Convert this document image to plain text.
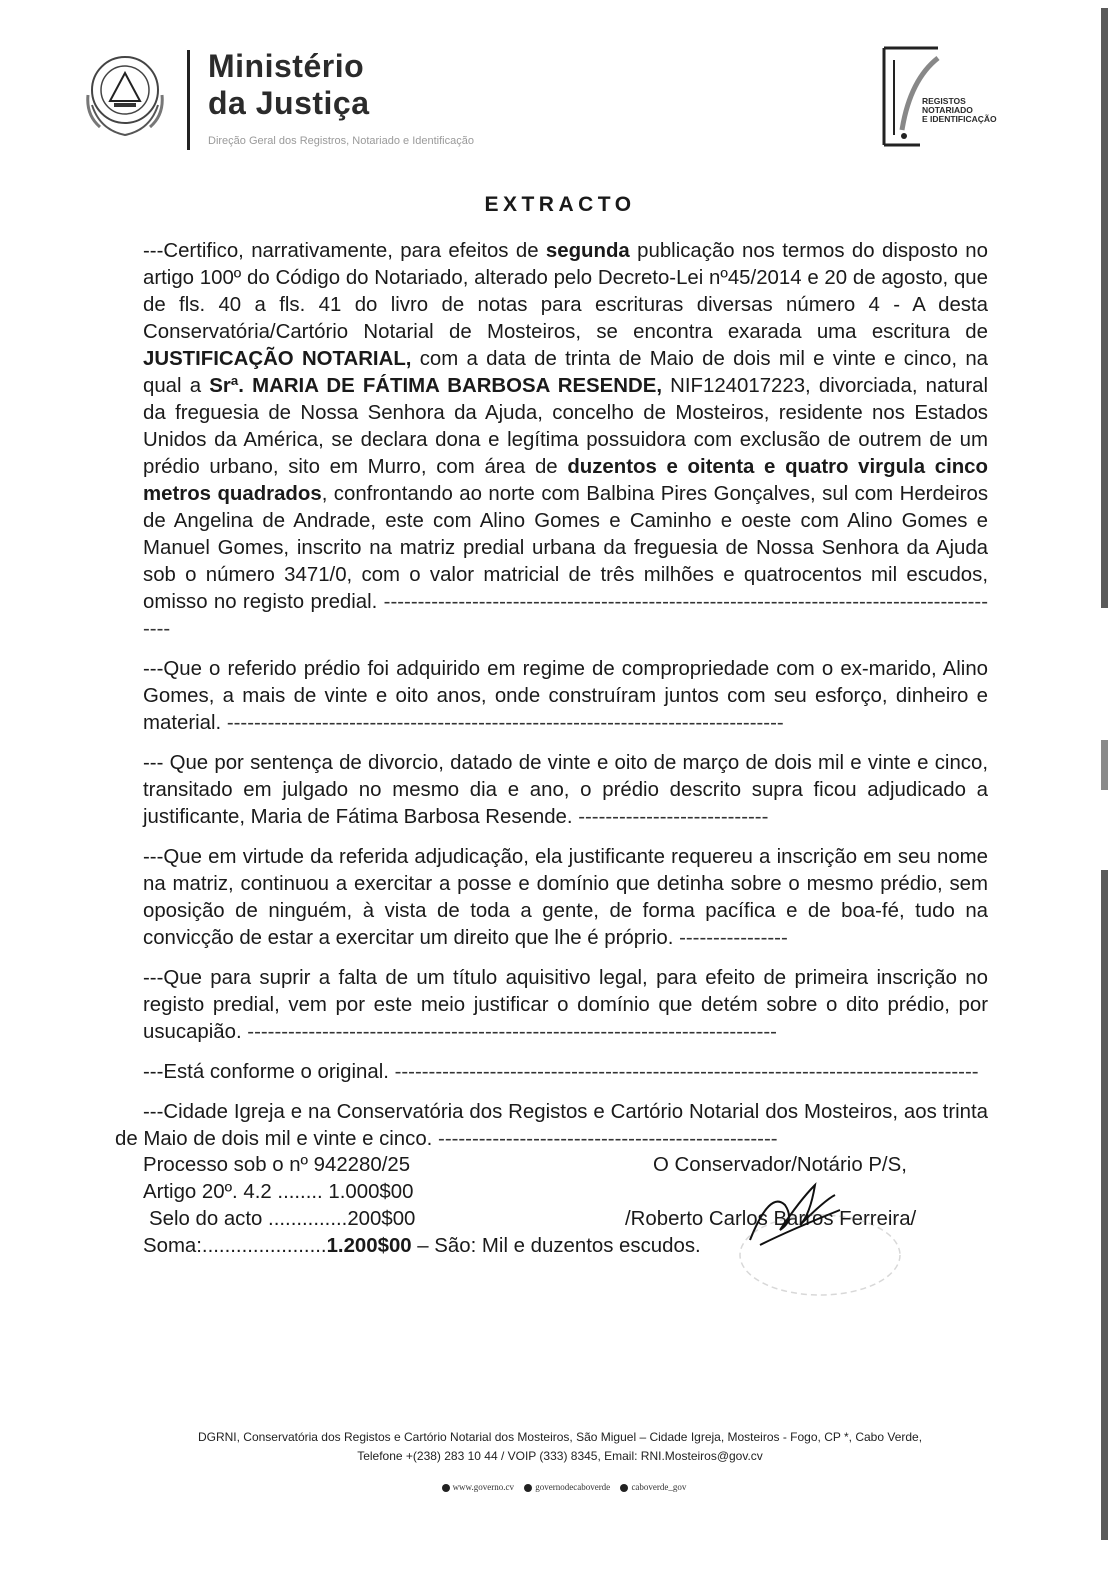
Ministério
da Justiça
Direção Geral dos Registros, Notariado e Identificação
REGISTOS
NOTARIADO
E IDENTIFICAÇÃO
EXTRACTO

---Certifico, narrativamente, para efeitos de segunda publicação nos termos do disposto no artigo 100º do Código do Notariado, alterado pelo Decreto-Lei nº45/2014 e 20 de agosto, que de fls. 40 a fls. 41 do livro de notas para escrituras diversas número 4 - A desta Conservatória/Cartório Notarial de Mosteiros, se encontra exarada uma escritura de JUSTIFICAÇÃO NOTARIAL, com a data de trinta de Maio de dois mil e vinte e cinco, na qual a Srª. MARIA DE FÁTIMA BARBOSA RESENDE, NIF124017223, divorciada, natural da freguesia de Nossa Senhora da Ajuda, concelho de Mosteiros, residente nos Estados Unidos da América, se declara dona e legítima possuidora com exclusão de outrem de um prédio urbano, sito em Murro, com área de duzentos e oitenta e quatro virgula cinco metros quadrados, confrontando ao norte com Balbina Pires Gonçalves, sul com Herdeiros de Angelina de Andrade, este com Alino Gomes e Caminho e oeste com Alino Gomes e Manuel Gomes, inscrito na matriz predial urbana da freguesia de Nossa Senhora da Ajuda sob o número 3471/0, com o valor matricial de três milhões e quatrocentos mil escudos, omisso no registo predial. ---------------------------------------------------------------------------------------------

---Que o referido prédio foi adquirido em regime de compropriedade com o ex-marido, Alino Gomes, a mais de vinte e oito anos, onde construíram juntos com seu esforço, dinheiro e material. ----------------------------------------------------------------------------------

--- Que por sentença de divorcio, datado de vinte e oito de março de dois mil e vinte e cinco, transitado em julgado no mesmo dia e ano, o prédio descrito supra ficou adjudicado a justificante, Maria de Fátima Barbosa Resende. ----------------------------

---Que em virtude da referida adjudicação, ela justificante requereu a inscrição em seu nome na matriz, continuou a exercitar a posse e domínio que detinha sobre o mesmo prédio, sem oposição de ninguém, à vista de toda a gente, de forma pacífica e de boa-fé, tudo na convicção de estar a exercitar um direito que lhe é próprio. ----------------

---Que para suprir a falta de um título aquisitivo legal, para efeito de primeira inscrição no registo predial, vem por este meio justificar o domínio que detém sobre o dito prédio, por usucapião. ------------------------------------------------------------------------------

---Está conforme o original. --------------------------------------------------------------------------------------

---Cidade Igreja e na Conservatória dos Registos e Cartório Notarial dos Mosteiros, aos trinta de Maio de dois mil e vinte e cinco. --------------------------------------------------

Processo sob o nº 942280/25
Artigo 20º. 4.2 ........ 1.000$00
Selo do acto ..............200$00
Soma:......................1.200$00 – São: Mil e duzentos escudos.
O Conservador/Notário P/S,
/Roberto Carlos Barros Ferreira/
DGRNI, Conservatória dos Registos e Cartório Notarial dos Mosteiros, São Miguel – Cidade Igreja, Mosteiros - Fogo, CP *, Cabo Verde,
Telefone +(238) 283 10 44 / VOIP (333) 8345, Email: RNI.Mosteiros@gov.cv
www.governo.cv governodecaboverde caboverde_gov
